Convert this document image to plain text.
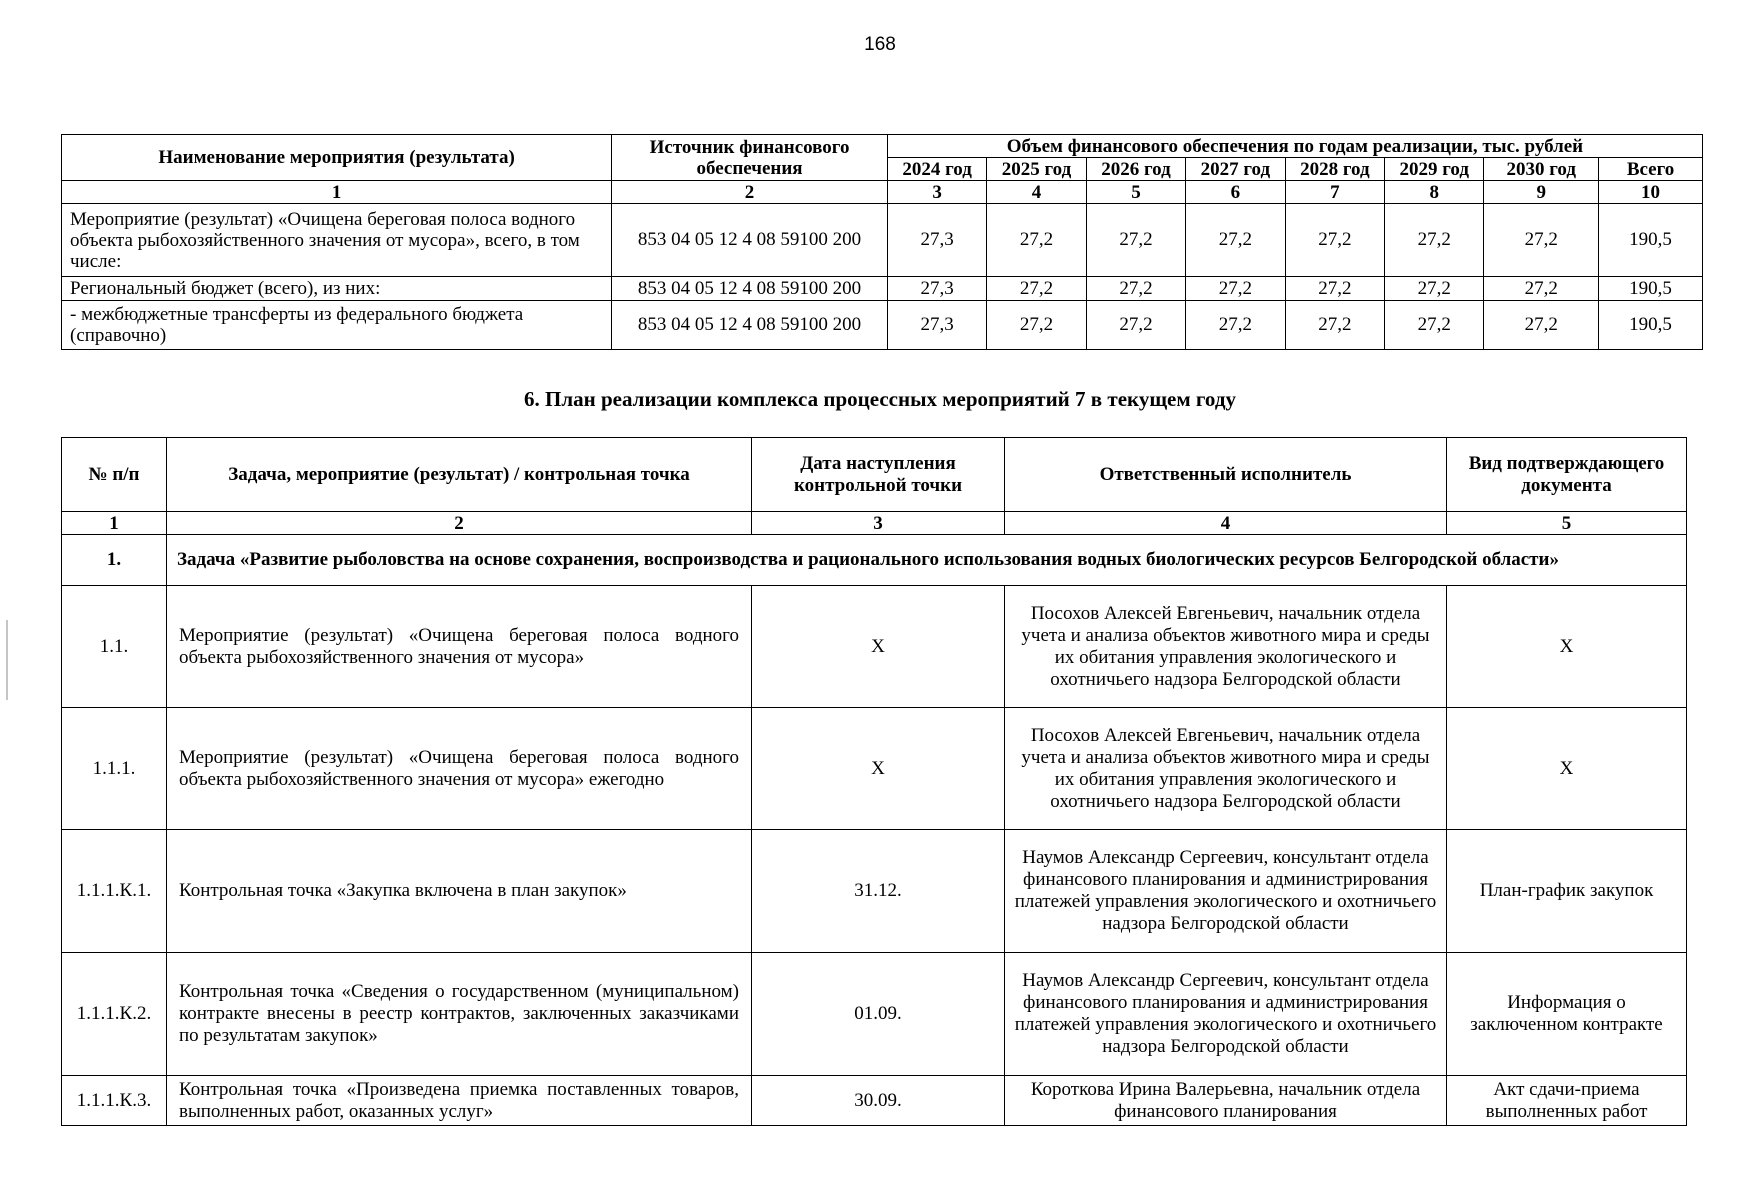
168
Наименование мероприятия (результата)	Источник финансового обеспечения	Объем финансового обеспечения по годам реализации, тыс. рублей							
		2024 год	2025 год	2026 год	2027 год	2028 год	2029 год	2030 год	Всего
1	2	3	4	5	6	7	8	9	10
Мероприятие (результат) «Очищена береговая полоса водного объекта рыбохозяйственного значения от мусора», всего, в том числе:	853 04 05 12 4 08 59100 200	27,3	27,2	27,2	27,2	27,2	27,2	27,2	190,5
Региональный бюджет (всего), из них:	853 04 05 12 4 08 59100 200	27,3	27,2	27,2	27,2	27,2	27,2	27,2	190,5
- межбюджетные трансферты из федерального бюджета (справочно)	853 04 05 12 4 08 59100 200	27,3	27,2	27,2	27,2	27,2	27,2	27,2	190,5
6. План реализации комплекса процессных мероприятий 7 в текущем году
№ п/п	Задача, мероприятие (результат) / контрольная точка	Дата наступления контрольной точки	Ответственный исполнитель	Вид подтверждающего документа
1	2	3	4	5
1.	Задача «Развитие рыболовства на основе сохранения, воспроизводства и рационального использования водных биологических ресурсов Белгородской области»			
1.1.	Мероприятие (результат) «Очищена береговая полоса водного объекта рыбохозяйственного значения от мусора»	Х	Посохов Алексей Евгеньевич, начальник отдела учета и анализа объектов животного мира и среды их обитания управления экологического и охотничьего надзора Белгородской области	Х
1.1.1.	Мероприятие (результат) «Очищена береговая полоса водного объекта рыбохозяйственного значения от мусора» ежегодно	Х	Посохов Алексей Евгеньевич, начальник отдела учета и анализа объектов животного мира и среды их обитания управления экологического и охотничьего надзора Белгородской области	Х
1.1.1.К.1.	Контрольная точка «Закупка включена в план закупок»	31.12.	Наумов Александр Сергеевич, консультант отдела финансового планирования и администрирования платежей управления экологического и охотничьего надзора Белгородской области	План-график закупок
1.1.1.К.2.	Контрольная точка «Сведения о государственном (муниципальном) контракте внесены в реестр контрактов, заключенных заказчиками по результатам закупок»	01.09.	Наумов Александр Сергеевич, консультант отдела финансового планирования и администрирования платежей управления экологического и охотничьего надзора Белгородской области	Информация о заключенном контракте
1.1.1.К.3.	Контрольная точка «Произведена приемка поставленных товаров, выполненных работ, оказанных услуг»	30.09.	Короткова Ирина Валерьевна, начальник отдела финансового планирования	Акт сдачи-приема выполненных работ
